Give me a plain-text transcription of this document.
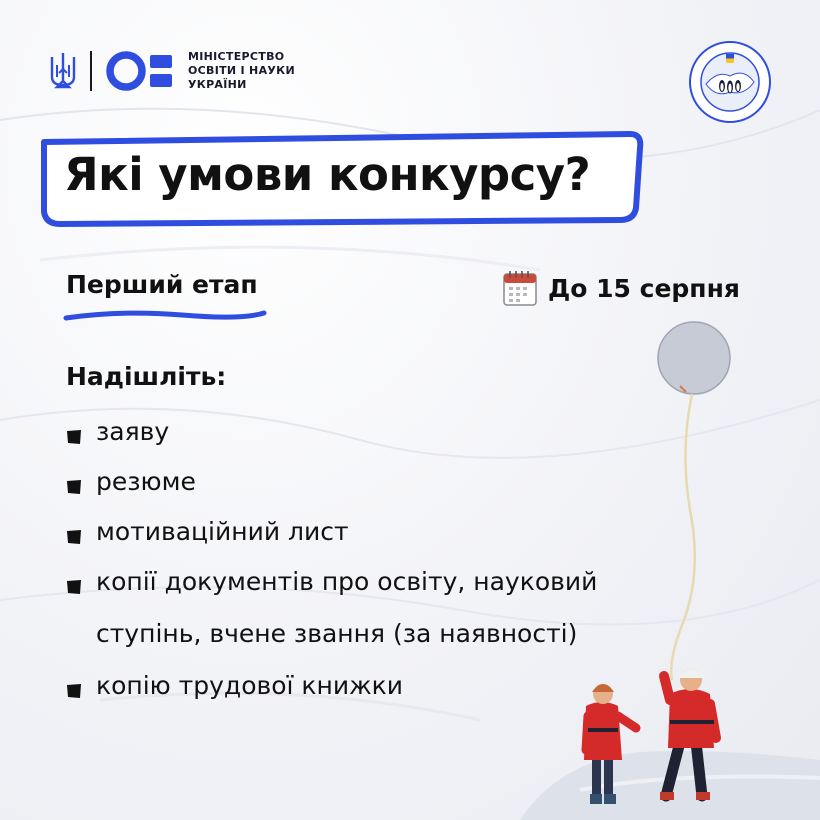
МІНІСТЕРСТВО
ОСВІТИ І НАУКИ
УКРАЇНИ
Які умови конкурсу?
Перший етап	До 15 серпня
Надішліть:
заяву
резюме
мотиваційний лист
копії документів про освіту, науковий
ступінь, вчене звання (за наявності)
копію трудової книжки
